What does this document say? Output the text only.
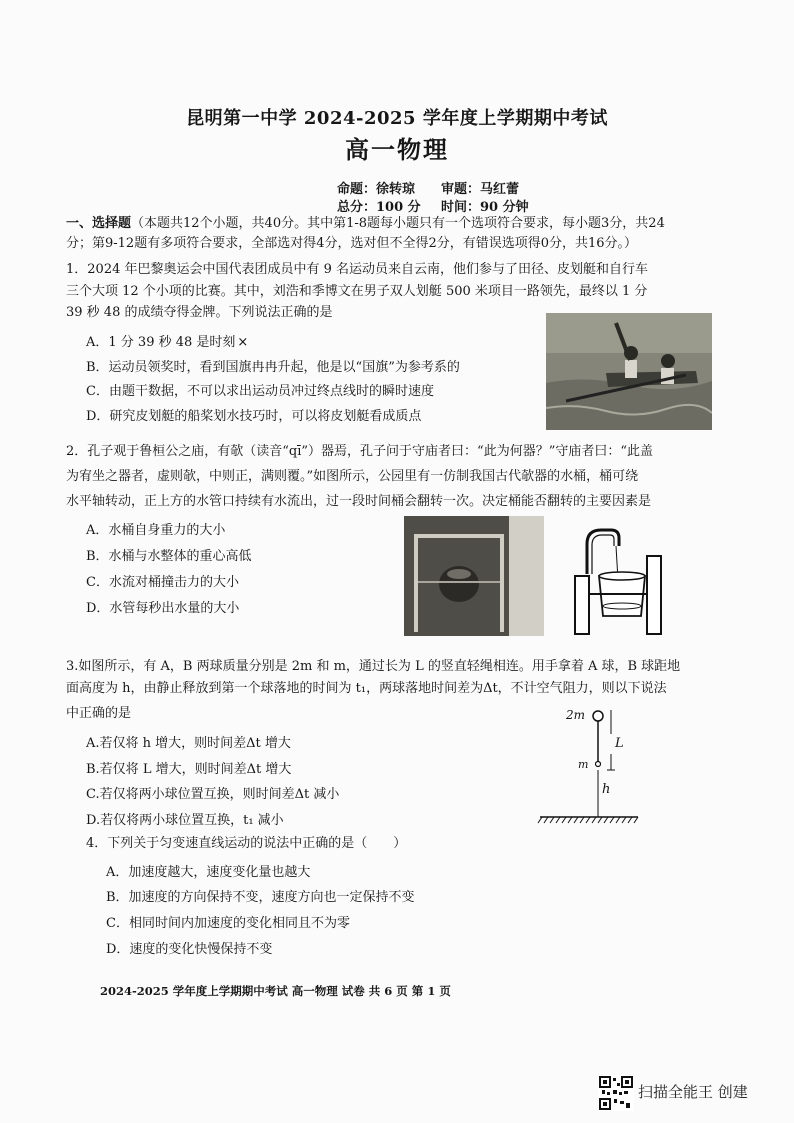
昆明第一中学 2024-2025 学年度上学期期中考试
高一物理
命题：徐转琼 审题：马红蕾
总分：100 分 时间：90 分钟
一、选择题（本题共12个小题，共40分。其中第1-8题每小题只有一个选项符合要求，每小题3分，共24
分；第9-12题有多项符合要求，全部选对得4分，选对但不全得2分，有错误选项得0分，共16分。）
1．2024 年巴黎奥运会中国代表团成员中有 9 名运动员来自云南，他们参与了田径、皮划艇和自行车
三个大项 12 个小项的比赛。其中，刘浩和季博文在男子双人划艇 500 米项目一路领先，最终以 1 分
39 秒 48 的成绩夺得金牌。下列说法正确的是
A．1 分 39 秒 48 是时刻 ×
B．运动员领奖时，看到国旗冉冉升起，他是以“国旗”为参考系的
C．由题干数据，不可以求出运动员冲过终点线时的瞬时速度
D．研究皮划艇的船桨划水技巧时，可以将皮划艇看成质点
2．孔子观于鲁桓公之庙，有欹（读音“qī”）器焉，孔子问于守庙者曰：“此为何器？”守庙者曰：“此盖
为宥坐之器者，虚则欹，中则正，满则覆。”如图所示，公园里有一仿制我国古代欹器的水桶，桶可绕
水平轴转动，正上方的水管口持续有水流出，过一段时间桶会翻转一次。决定桶能否翻转的主要因素是
A．水桶自身重力的大小
B．水桶与水整体的重心高低
C．水流对桶撞击力的大小
D．水管每秒出水量的大小
3.如图所示，有 A，B 两球质量分别是 2m 和 m，通过长为 L 的竖直轻绳相连。用手拿着 A 球，B 球距地
面高度为 h，由静止释放到第一个球落地的时间为 t₁，两球落地时间差为Δt，不计空气阻力，则以下说法
中正确的是
A.若仅将 h 增大，则时间差Δt 增大
B.若仅将 L 增大，则时间差Δt 增大
C.若仅将两小球位置互换，则时间差Δt 减小
D.若仅将两小球位置互换，t₁ 减小
2m
m
L
h
4．下列关于匀变速直线运动的说法中正确的是（　　）
A．加速度越大，速度变化量也越大
B．加速度的方向保持不变，速度方向也一定保持不变
C．相同时间内加速度的变化相同且不为零
D．速度的变化快慢保持不变
2024-2025 学年度上学期期中考试 高一物理 试卷 共 6 页 第 1 页
扫描全能王 创建
